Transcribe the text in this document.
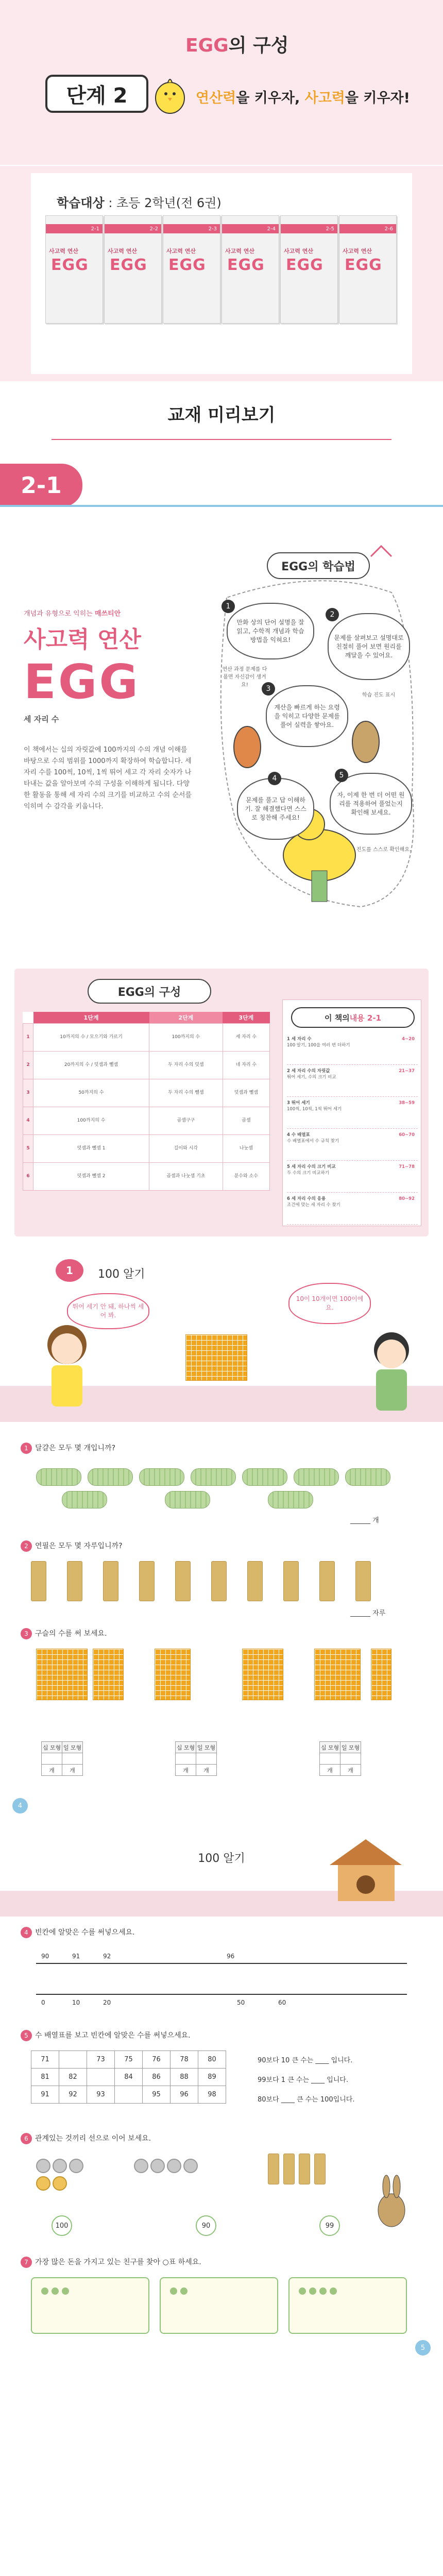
EGG의 구성
단계 2	연산력을 키우자, 사고력을 키우자!
학습대상 : 초등 2학년(전 6권)
2-1
사고력 연산
EGG
2-2
사고력 연산
EGG
2-3
사고력 연산
EGG
2-4
사고력 연산
EGG
2-5
사고력 연산
EGG
2-6
사고력 연산
EGG
교재 미리보기
2-1
개념과 유형으로 익히는 매쓰티안
사고력 연산
EGG
세 자리 수
이 책에서는 십의 자릿값에 100까지의 수의 개념 이해를 바탕으로 수의 범위를 1000까지 확장하여 학습합니다. 세 자리 수를 100씩, 10씩, 1씩 뛰어 세고 각 자리 숫자가 나타내는 값을 알아보며 수의 구성을 이해하게 됩니다. 다양한 활동을 통해 세 자리 수의 크기를 비교하고 수의 순서를 익히며 수 감각을 키웁니다.
EGG의 학습법
만화 상의 단어 설명을 잘 읽고, 수학적 개념과 학습 방법을 익혀요!
1
문제를 살펴보고 설명대로 친절히 풀어 보면 원리를 깨달을 수 있어요.
2
계산을 빠르게 하는 요령을 익히고 다양한 문제를 풀어 실력을 쌓아요.
3
문제를 풀고 답 이해하기. 잘 해결했다면 스스로 칭찬해 주세요!
4
자, 이제 한 번 더 어떤 원리를 적용하여 풀었는지 확인해 보세요.
5
연산 과정 문제를 다 풀면 자신감이 생겨요!
학습 진도 표시
진도를 스스로 확인해요.
EGG의 구성
	1단계	2단계	3단계
1	10까지의 수 / 모으기와 가르기	100까지의 수	세 자리 수
2	20까지의 수 / 덧셈과 뺄셈	두 자리 수의 덧셈	네 자리 수
3	50까지의 수	두 자리 수의 뺄셈	덧셈과 뺄셈
4	100까지의 수	곱셈구구	곱셈
5	덧셈과 뺄셈 1	길이와 시각	나눗셈
6	덧셈과 뺄셈 2	곱셈과 나눗셈 기초	분수와 소수
이 책의 내용 2-1
1 세 자리 수
100 알기, 100을 여러 번 더하기
4~20
2 세 자리 수의 자릿값
뛰어 세기, 수의 크기 비교
21~37
3 뛰어 세기
100씩, 10씩, 1씩 뛰어 세기
38~59
4 수 배열표
수 배열표에서 수 규칙 찾기
60~70
5 세 자리 수의 크기 비교
두 수의 크기 비교하기
71~78
6 세 자리 수의 응용
조건에 맞는 세 자리 수 찾기
80~92
1	100 알기
뛰어 세기 안 돼, 하나씩 세어 봐.
10이 10개이면 100이에요.
1 달걀은 모두 몇 개입니까?
______ 개
2 연필은 모두 몇 자루입니까?
______ 자루
3 구슬의 수를 써 보세요.
십 모형	일 모형

개	개
십 모형	일 모형

개	개
십 모형	일 모형

개	개
4
100 알기
4 빈칸에 알맞은 수를 써넣으세요.
90	91	92	96
0	10	20	50	60
5 수 배열표를 보고 빈칸에 알맞은 수를 써넣으세요.
71		73	75	76	78	80
81	82		84	86	88	89
91	92	93		95	96	98
90보다 10 큰 수는 ____ 입니다.
99보다 1 큰 수는 ____ 입니다.
80보다 ____ 큰 수는 100입니다.
6 관계있는 것끼리 선으로 이어 보세요.
100	90	99
7 가장 많은 돈을 가지고 있는 친구를 찾아 ○표 하세요.
5
